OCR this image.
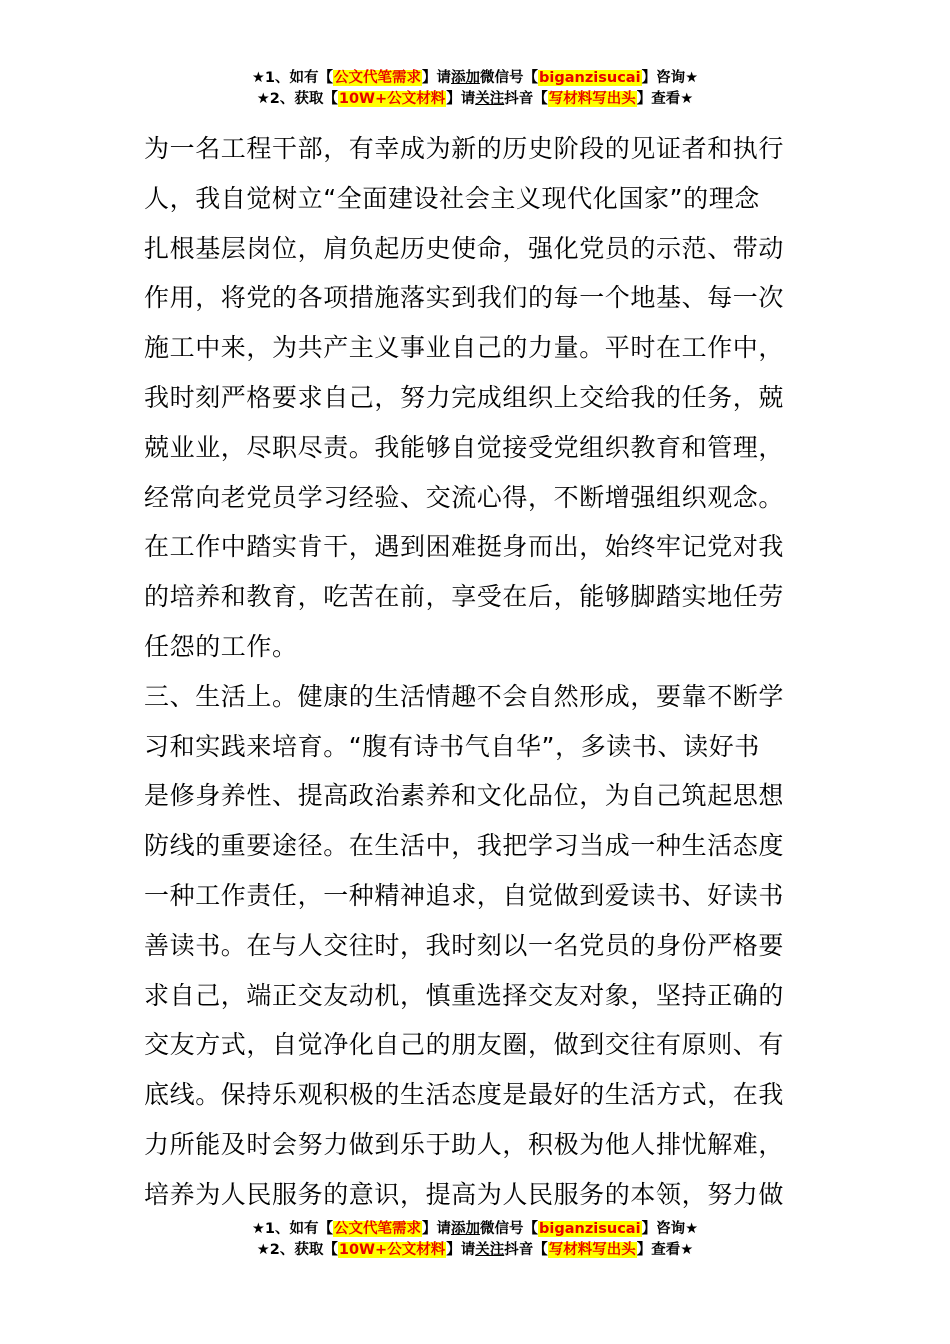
★1、如有【公文代笔需求】请添加微信号【biganzisucai】咨询★
★2、获取【10W+公文材料】请关注抖音【写材料写出头】查看★
为一名工程干部，有幸成为新的历史阶段的见证者和执行
人，我自觉树立“全面建设社会主义现代化国家”的理念
扎根基层岗位，肩负起历史使命，强化党员的示范、带动
作用，将党的各项措施落实到我们的每一个地基、每一次
施工中来，为共产主义事业自己的力量。平时在工作中，
我时刻严格要求自己，努力完成组织上交给我的任务，兢
兢业业，尽职尽责。我能够自觉接受党组织教育和管理，
经常向老党员学习经验、交流心得，不断增强组织观念。
在工作中踏实肯干，遇到困难挺身而出，始终牢记党对我
的培养和教育，吃苦在前，享受在后，能够脚踏实地任劳
任怨的工作。
三、生活上。健康的生活情趣不会自然形成，要靠不断学
习和实践来培育。“腹有诗书气自华”，多读书、读好书
是修身养性、提高政治素养和文化品位，为自己筑起思想
防线的重要途径。在生活中，我把学习当成一种生活态度
一种工作责任，一种精神追求，自觉做到爱读书、好读书
善读书。在与人交往时，我时刻以一名党员的身份严格要
求自己，端正交友动机，慎重选择交友对象，坚持正确的
交友方式，自觉净化自己的朋友圈，做到交往有原则、有
底线。保持乐观积极的生活态度是最好的生活方式，在我
力所能及时会努力做到乐于助人，积极为他人排忧解难，
培养为人民服务的意识，提高为人民服务的本领，努力做
★1、如有【公文代笔需求】请添加微信号【biganzisucai】咨询★
★2、获取【10W+公文材料】请关注抖音【写材料写出头】查看★
